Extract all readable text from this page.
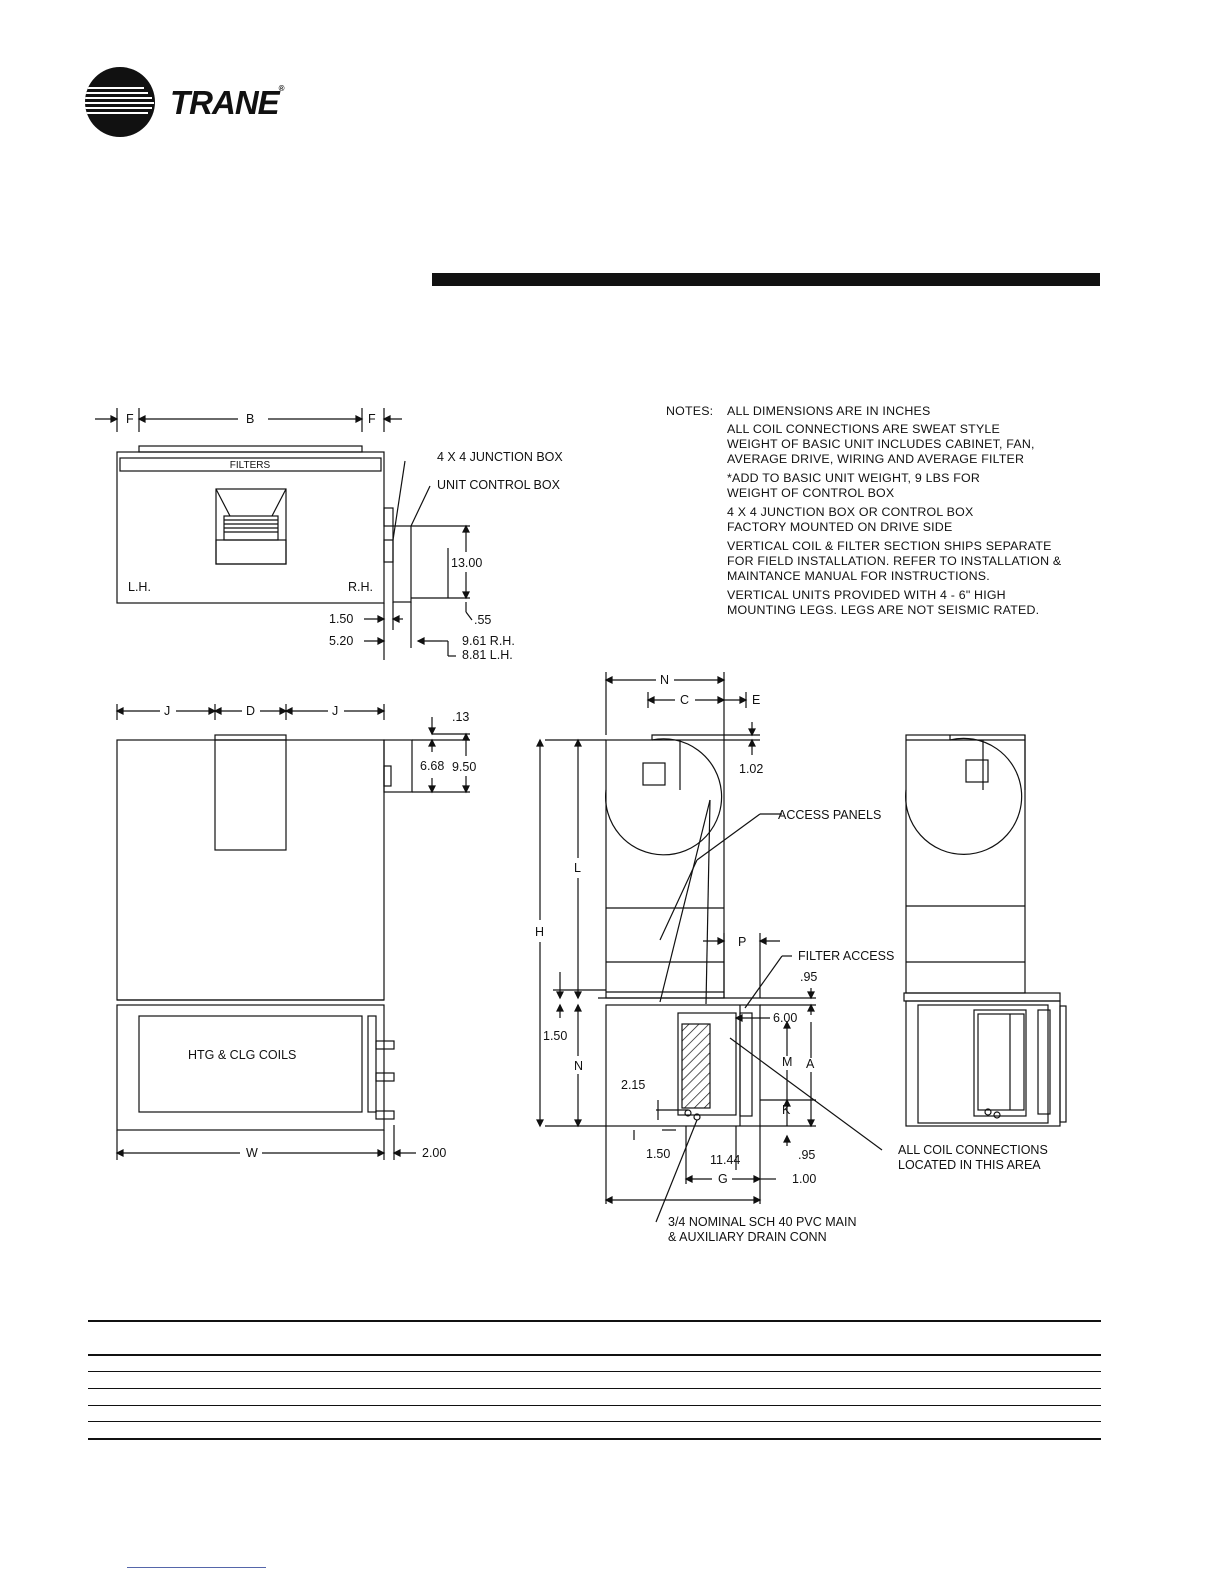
TRANE®
NOTES: ALL DIMENSIONS ARE IN INCHES
ALL COIL CONNECTIONS ARE SWEAT STYLE
WEIGHT OF BASIC UNIT INCLUDES CABINET, FAN,
AVERAGE DRIVE, WIRING AND AVERAGE FILTER
*ADD TO BASIC UNIT WEIGHT, 9 LBS FOR
WEIGHT OF CONTROL BOX
4 X 4 JUNCTION BOX OR CONTROL BOX
FACTORY MOUNTED ON DRIVE SIDE
VERTICAL COIL & FILTER SECTION SHIPS SEPARATE
FOR FIELD INSTALLATION. REFER TO INSTALLATION &
MAINTANCE MANUAL FOR INSTRUCTIONS.
VERTICAL UNITS PROVIDED WITH 4 - 6" HIGH
MOUNTING LEGS. LEGS ARE NOT SEISMIC RATED.
F	B	F
FILTERS
L.H.	R.H.
4 X 4 JUNCTION BOX
UNIT CONTROL BOX
13.00
1.50	.55
5.20	9.61 R.H.
8.81 L.H.
J	D	J	.13
6.68 9.50
HTG & CLG COILS
W	2.00
N
C	E
1.02
ACCESS PANELS
L
H
P
FILTER ACCESS
.95
6.00
1.50
N	M A
K
2.15
1.50	11.44	.95
G	1.00
ALL COIL CONNECTIONS LOCATED IN THIS AREA
3/4 NOMINAL SCH 40 PVC MAIN & AUXILIARY DRAIN CONN
